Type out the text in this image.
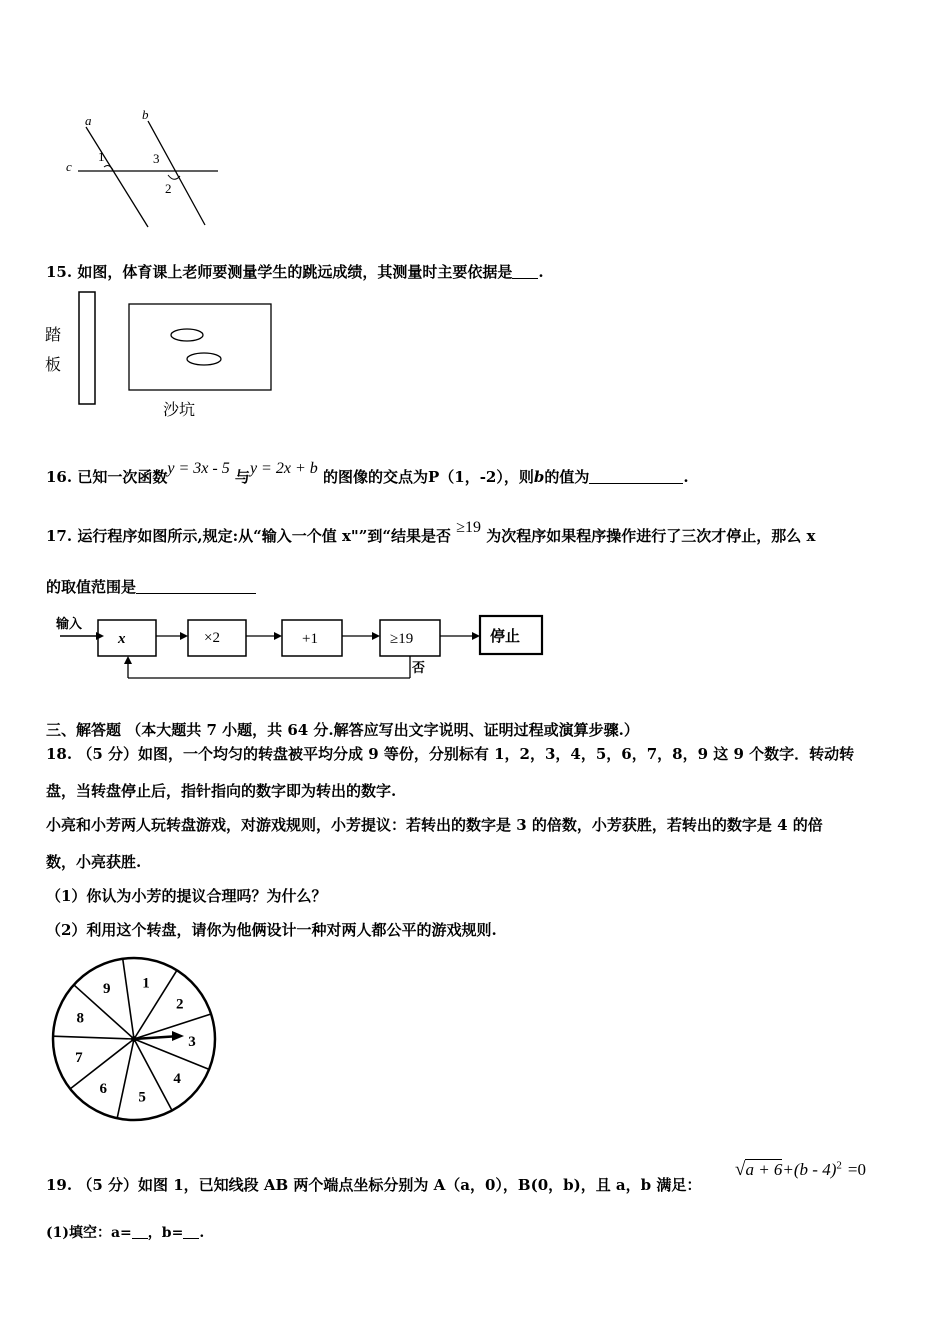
a	b
c
1	3
2
15. 如图，体育课上老师要测量学生的跳远成绩，其测量时主要依据是 .
踏
板
沙坑
16. 已知一次函数y = 3x - 5 与y = 2x + b 的图像的交点为P（1，-2），则b的值为	.
17. 运行程序如图所示,规定:从“输入一个值 x"”到“结果是否 ≥19 为次程序如果程序操作进行了三次才停止，那么 x
的取值范围是
输入
x	×2	+1	≥19	停止
否
三、解答题 （本大题共 7 小题，共 64 分.解答应写出文字说明、证明过程或演算步骤.）
18. （5 分）如图，一个均匀的转盘被平均分成 9 等份，分别标有 1，2，3，4，5，6，7，8，9 这 9 个数字．转动转
盘，当转盘停止后，指针指向的数字即为转出的数字.
小亮和小芳两人玩转盘游戏，对游戏规则，小芳提议：若转出的数字是 3 的倍数，小芳获胜，若转出的数字是 4 的倍
数，小亮获胜.
（1）你认为小芳的提议合理吗？为什么？
（2）利用这个转盘，请你为他俩设计一种对两人都公平的游戏规则.
1
2
3
4
5
6
7
8
9
19. （5 分）如图 1，已知线段 AB 两个端点坐标分别为 A（a，0），B(0，b)，且 a，b 满足：
√a + 6+(b - 4)$^2$ =0
(1)填空：a= ，b= .
